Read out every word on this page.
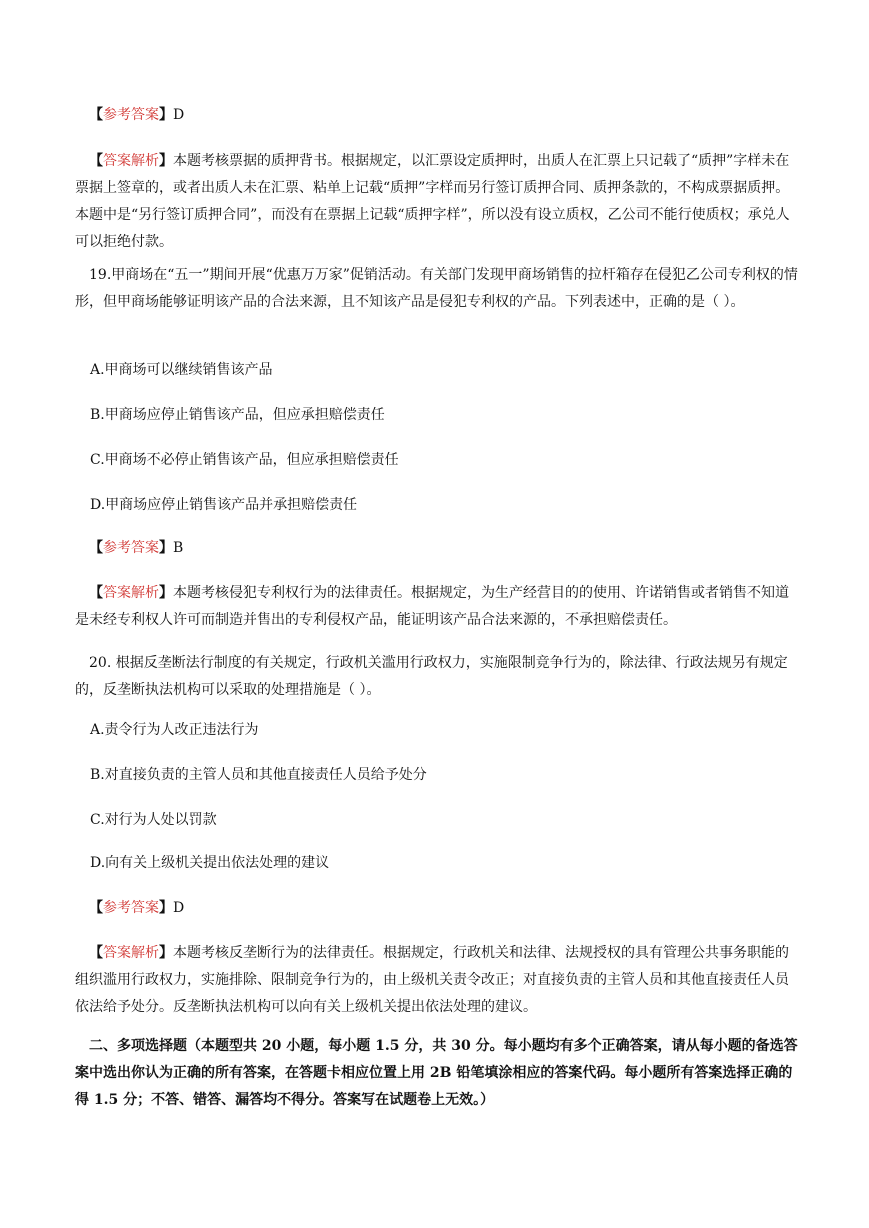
【参考答案】D
【答案解析】本题考核票据的质押背书。根据规定，以汇票设定质押时，出质人在汇票上只记载了“质押”字样未在票据上签章的，或者出质人未在汇票、粘单上记载“质押”字样而另行签订质押合同、质押条款的，不构成票据质押。本题中是“另行签订质押合同”，而没有在票据上记载“质押字样”，所以没有设立质权，乙公司不能行使质权；承兑人可以拒绝付款。
19.甲商场在“五一”期间开展“优惠万万家”促销活动。有关部门发现甲商场销售的拉杆箱存在侵犯乙公司专利权的情形，但甲商场能够证明该产品的合法来源，且不知该产品是侵犯专利权的产品。下列表述中，正确的是（ ）。
A.甲商场可以继续销售该产品
B.甲商场应停止销售该产品，但应承担赔偿责任
C.甲商场不必停止销售该产品，但应承担赔偿责任
D.甲商场应停止销售该产品并承担赔偿责任
【参考答案】B
【答案解析】本题考核侵犯专利权行为的法律责任。根据规定，为生产经营目的的使用、许诺销售或者销售不知道是未经专利权人许可而制造并售出的专利侵权产品，能证明该产品合法来源的，不承担赔偿责任。
20. 根据反垄断法行制度的有关规定，行政机关滥用行政权力，实施限制竞争行为的，除法律、行政法规另有规定的，反垄断执法机构可以采取的处理措施是（ ）。
A.责令行为人改正违法行为
B.对直接负责的主管人员和其他直接责任人员给予处分
C.对行为人处以罚款
D.向有关上级机关提出依法处理的建议
【参考答案】D
【答案解析】本题考核反垄断行为的法律责任。根据规定，行政机关和法律、法规授权的具有管理公共事务职能的组织滥用行政权力，实施排除、限制竞争行为的，由上级机关责令改正；对直接负责的主管人员和其他直接责任人员依法给予处分。反垄断执法机构可以向有关上级机关提出依法处理的建议。
二、多项选择题（本题型共 20 小题，每小题 1.5 分，共 30 分。每小题均有多个正确答案，请从每小题的备选答案中选出你认为正确的所有答案，在答题卡相应位置上用 2B 铅笔填涂相应的答案代码。每小题所有答案选择正确的得 1.5 分；不答、错答、漏答均不得分。答案写在试题卷上无效。）
